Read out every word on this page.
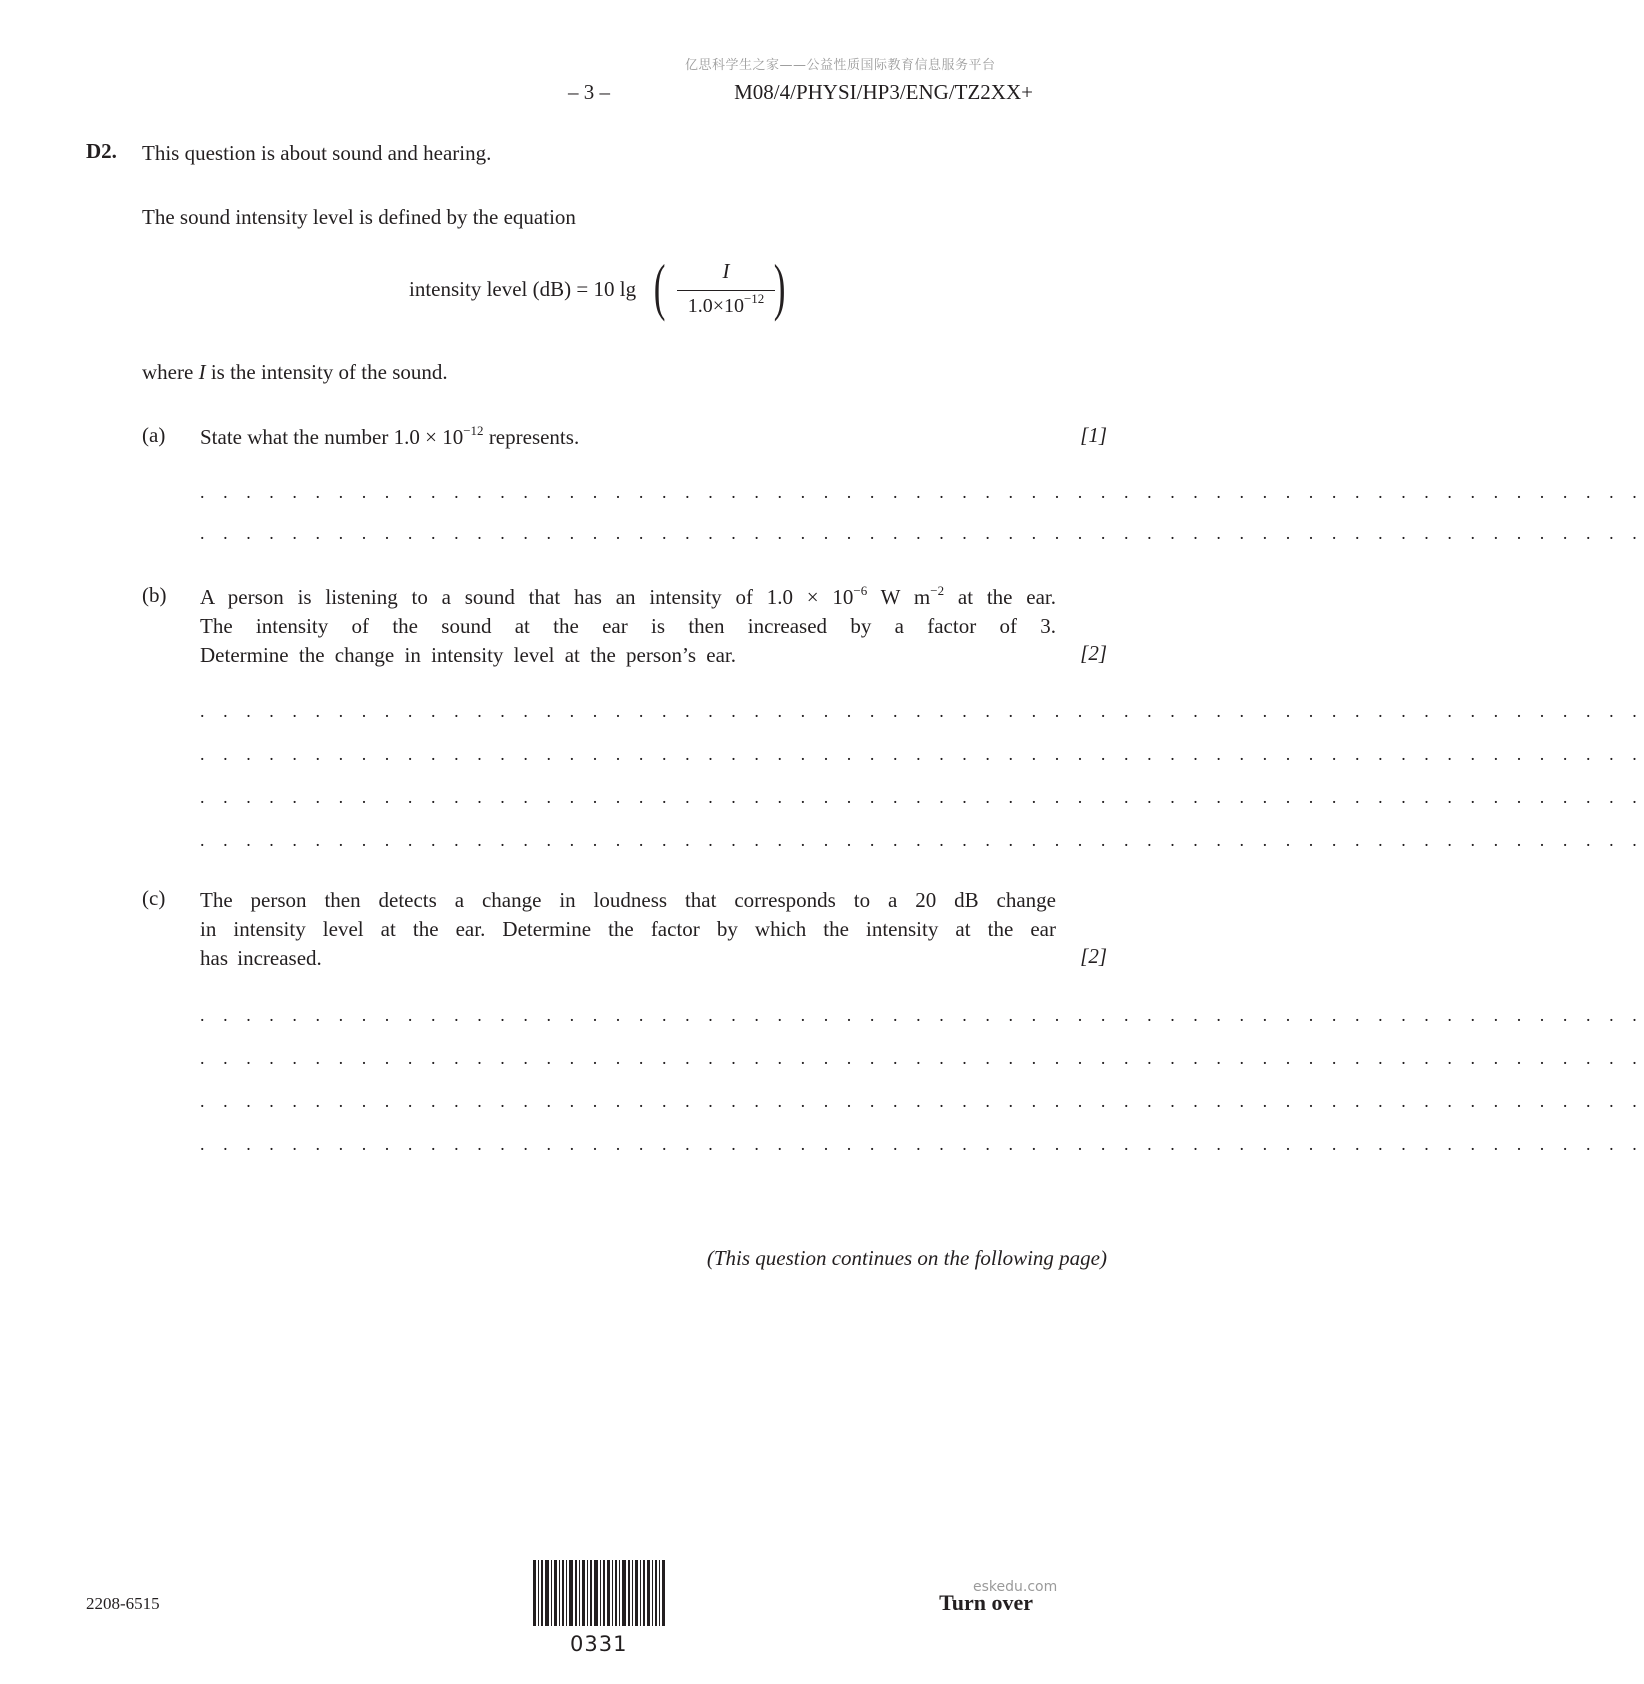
亿思科学生之家——公益性质国际教育信息服务平台
– 3 –	M08/4/PHYSI/HP3/ENG/TZ2XX+
D2. This question is about sound and hearing.
The sound intensity level is defined by the equation
intensity level (dB) = 10 lg (	I
$1.0\times 10^{-12}$ )
where I is the intensity of the sound.
(a) State what the number $1.0 \times 10^{-12}$ represents.	[1]
. . . . . . . . . . . . . . . . . . . . . . . . . . . . . . . . . . . . . . . . . . . . . . . . . . . . . . . . . . . . . . .
. . . . . . . . . . . . . . . . . . . . . . . . . . . . . . . . . . . . . . . . . . . . . . . . . . . . . . . . . . . . . . .
(b) A person is listening to a sound that has an intensity of $1.0 \times 10^{-6}$ W $m^{-2}$ at the ear.
The intensity of the sound at the ear is then increased by a factor of 3.
Determine the change in intensity level at the person’s ear.	[2]
. . . . . . . . . . . . . . . . . . . . . . . . . . . . . . . . . . . . . . . . . . . . . . . . . . . . . . . . . . . . . . .
. . . . . . . . . . . . . . . . . . . . . . . . . . . . . . . . . . . . . . . . . . . . . . . . . . . . . . . . . . . . . . .
. . . . . . . . . . . . . . . . . . . . . . . . . . . . . . . . . . . . . . . . . . . . . . . . . . . . . . . . . . . . . . .
. . . . . . . . . . . . . . . . . . . . . . . . . . . . . . . . . . . . . . . . . . . . . . . . . . . . . . . . . . . . . . .
(c) The person then detects a change in loudness that corresponds to a 20 dB change
in intensity level at the ear. Determine the factor by which the intensity at the ear
has increased.	[2]
. . . . . . . . . . . . . . . . . . . . . . . . . . . . . . . . . . . . . . . . . . . . . . . . . . . . . . . . . . . . . . .
. . . . . . . . . . . . . . . . . . . . . . . . . . . . . . . . . . . . . . . . . . . . . . . . . . . . . . . . . . . . . . .
. . . . . . . . . . . . . . . . . . . . . . . . . . . . . . . . . . . . . . . . . . . . . . . . . . . . . . . . . . . . . . .
. . . . . . . . . . . . . . . . . . . . . . . . . . . . . . . . . . . . . . . . . . . . . . . . . . . . . . . . . . . . . . .
(This question continues on the following page)
2208-6515
0331
eskedu.com
Turn over
